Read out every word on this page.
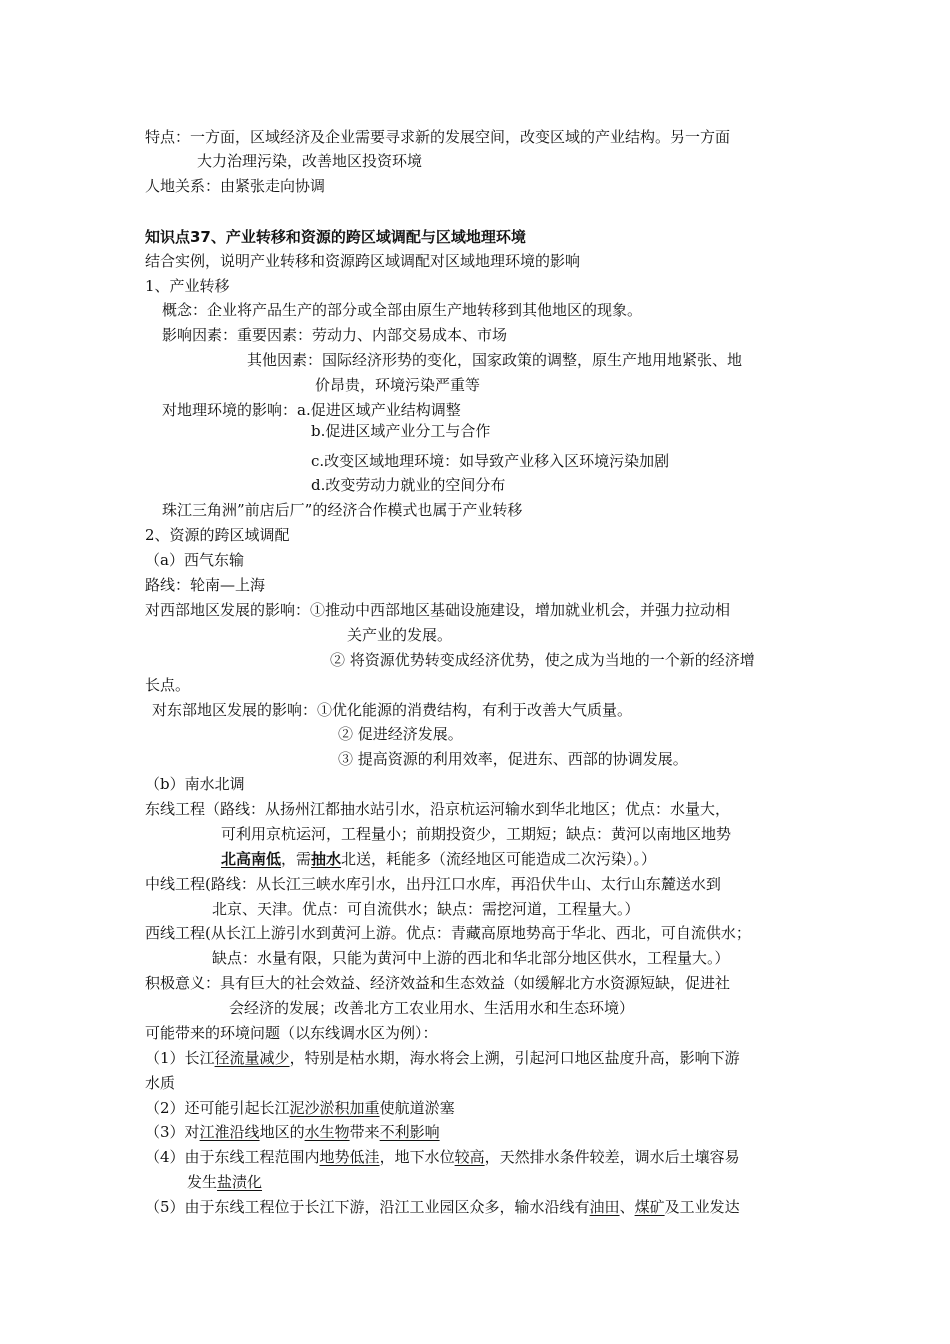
特点：一方面，区域经济及企业需要寻求新的发展空间，改变区域的产业结构。另一方面
大力治理污染，改善地区投资环境
人地关系：由紧张走向协调
知识点37、产业转移和资源的跨区域调配与区域地理环境
结合实例，说明产业转移和资源跨区域调配对区域地理环境的影响
1、产业转移
概念：企业将产品生产的部分或全部由原生产地转移到其他地区的现象。
影响因素：重要因素：劳动力、内部交易成本、市场
其他因素：国际经济形势的变化，国家政策的调整，原生产地用地紧张、地
价昂贵，环境污染严重等
对地理环境的影响：a.促进区域产业结构调整
b.促进区域产业分工与合作
c.改变区域地理环境：如导致产业移入区环境污染加剧
d.改变劳动力就业的空间分布
珠江三角洲”前店后厂”的经济合作模式也属于产业转移
2、资源的跨区域调配
（a）西气东输
路线：轮南—上海
对西部地区发展的影响：①推动中西部地区基础设施建设，增加就业机会，并强力拉动相
关产业的发展。
② 将资源优势转变成经济优势，使之成为当地的一个新的经济增
长点。
对东部地区发展的影响：①优化能源的消费结构，有利于改善大气质量。
② 促进经济发展。
③ 提高资源的利用效率，促进东、西部的协调发展。
（b）南水北调
东线工程（路线：从扬州江都抽水站引水，沿京杭运河输水到华北地区；优点：水量大，
可利用京杭运河，工程量小；前期投资少，工期短；缺点：黄河以南地区地势
北高南低，需抽水北送，耗能多（流经地区可能造成二次污染）。）
中线工程(路线：从长江三峡水库引水，出丹江口水库，再沿伏牛山、太行山东麓送水到
北京、天津。优点：可自流供水；缺点：需挖河道，工程量大。）
西线工程(从长江上游引水到黄河上游。优点：青藏高原地势高于华北、西北，可自流供水；
缺点：水量有限，只能为黄河中上游的西北和华北部分地区供水，工程量大。）
积极意义：具有巨大的社会效益、经济效益和生态效益（如缓解北方水资源短缺，促进社
会经济的发展；改善北方工农业用水、生活用水和生态环境）
可能带来的环境问题（以东线调水区为例）：
（1）长江径流量减少，特别是枯水期，海水将会上溯，引起河口地区盐度升高，影响下游
水质
（2）还可能引起长江泥沙淤积加重使航道淤塞
（3）对江淮沿线地区的水生物带来不利影响
（4）由于东线工程范围内地势低洼，地下水位较高，天然排水条件较差，调水后土壤容易
发生盐渍化
（5）由于东线工程位于长江下游，沿江工业园区众多，输水沿线有油田、煤矿及工业发达
